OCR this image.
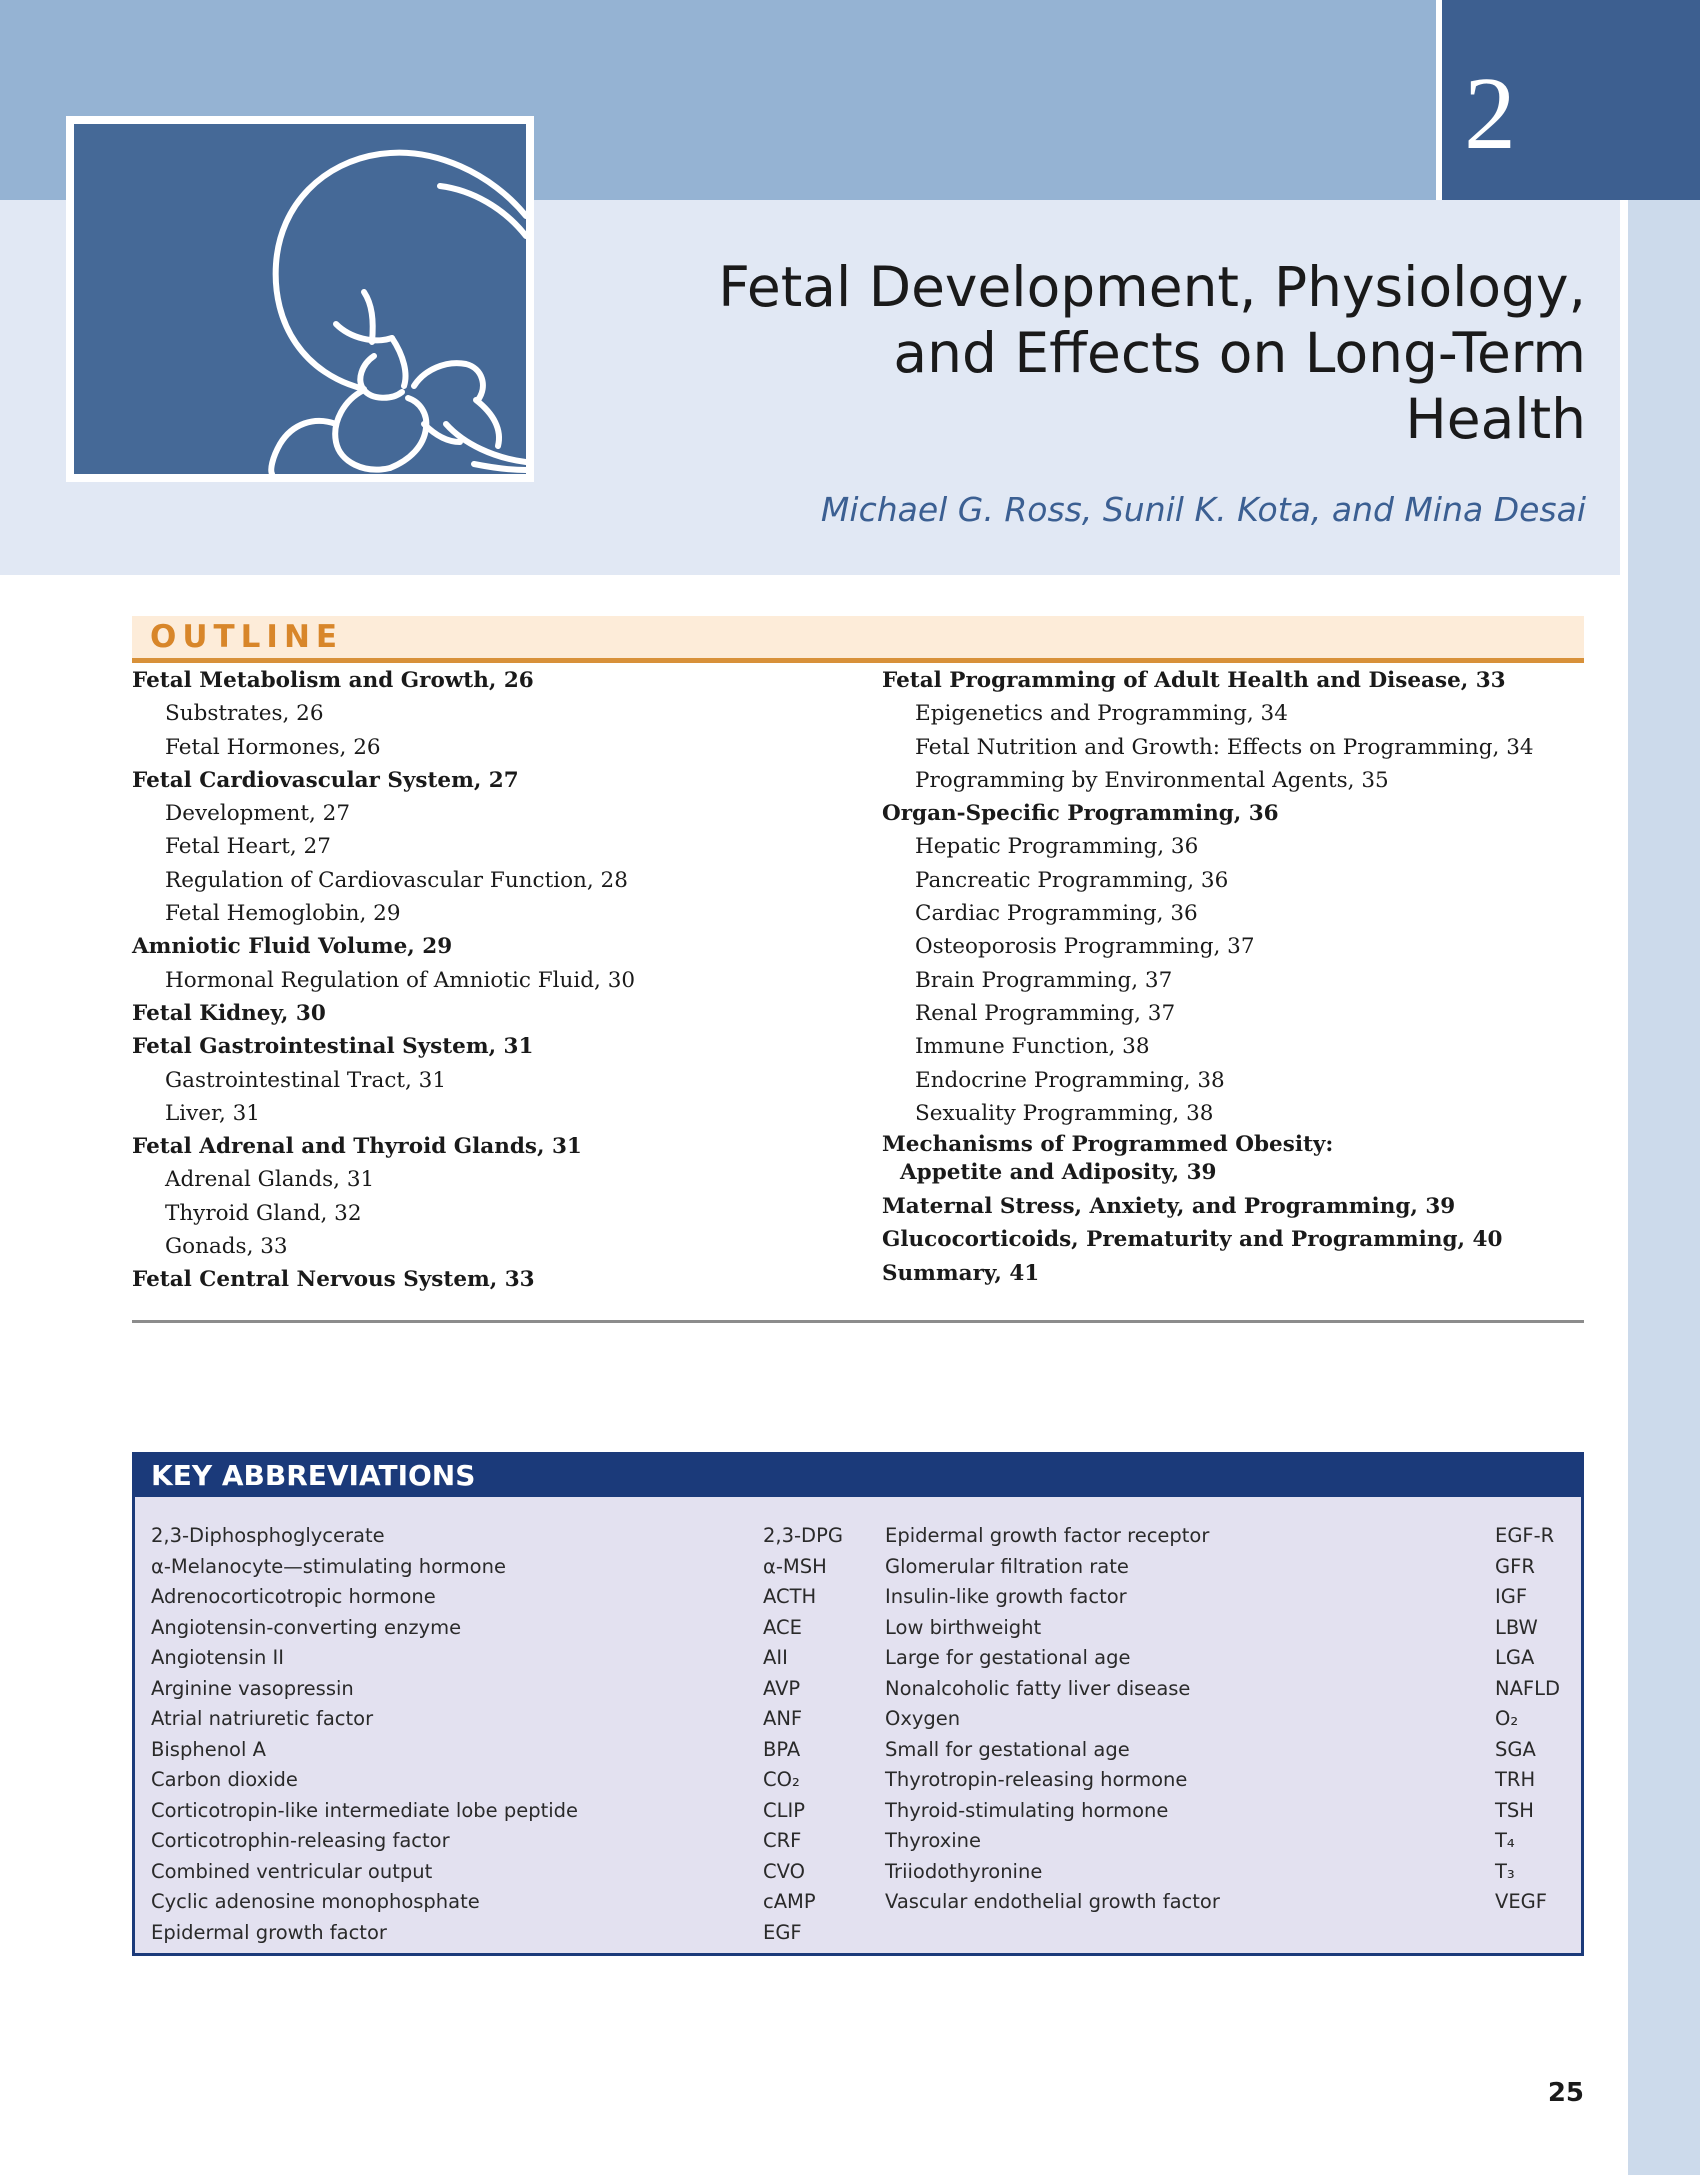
2
Fetal Development, Physiology,
and Effects on Long-Term
Health
Michael G. Ross, Sunil K. Kota, and Mina Desai
OUTLINE
Fetal Metabolism and Growth, 26
Substrates, 26
Fetal Hormones, 26
Fetal Cardiovascular System, 27
Development, 27
Fetal Heart, 27
Regulation of Cardiovascular Function, 28
Fetal Hemoglobin, 29
Amniotic Fluid Volume, 29
Hormonal Regulation of Amniotic Fluid, 30
Fetal Kidney, 30
Fetal Gastrointestinal System, 31
Gastrointestinal Tract, 31
Liver, 31
Fetal Adrenal and Thyroid Glands, 31
Adrenal Glands, 31
Thyroid Gland, 32
Gonads, 33
Fetal Central Nervous System, 33
Fetal Programming of Adult Health and Disease, 33
Epigenetics and Programming, 34
Fetal Nutrition and Growth: Effects on Programming, 34
Programming by Environmental Agents, 35
Organ-Specific Programming, 36
Hepatic Programming, 36
Pancreatic Programming, 36
Cardiac Programming, 36
Osteoporosis Programming, 37
Brain Programming, 37
Renal Programming, 37
Immune Function, 38
Endocrine Programming, 38
Sexuality Programming, 38
Mechanisms of Programmed Obesity:
Appetite and Adiposity, 39
Maternal Stress, Anxiety, and Programming, 39
Glucocorticoids, Prematurity and Programming, 40
Summary, 41
KEY ABBREVIATIONS
2,3-Diphosphoglycerate	2,3-DPG
α-Melanocyte—stimulating hormone	α-MSH
Adrenocorticotropic hormone	ACTH
Angiotensin-converting enzyme	ACE
Angiotensin II	AII
Arginine vasopressin	AVP
Atrial natriuretic factor	ANF
Bisphenol A	BPA
Carbon dioxide	CO₂
Corticotropin-like intermediate lobe peptide	CLIP
Corticotrophin-releasing factor	CRF
Combined ventricular output	CVO
Cyclic adenosine monophosphate	cAMP
Epidermal growth factor	EGF
Epidermal growth factor receptor	EGF-R
Glomerular filtration rate	GFR
Insulin-like growth factor	IGF
Low birthweight	LBW
Large for gestational age	LGA
Nonalcoholic fatty liver disease	NAFLD
Oxygen	O₂
Small for gestational age	SGA
Thyrotropin-releasing hormone	TRH
Thyroid-stimulating hormone	TSH
Thyroxine	T₄
Triiodothyronine	T₃
Vascular endothelial growth factor	VEGF
25
